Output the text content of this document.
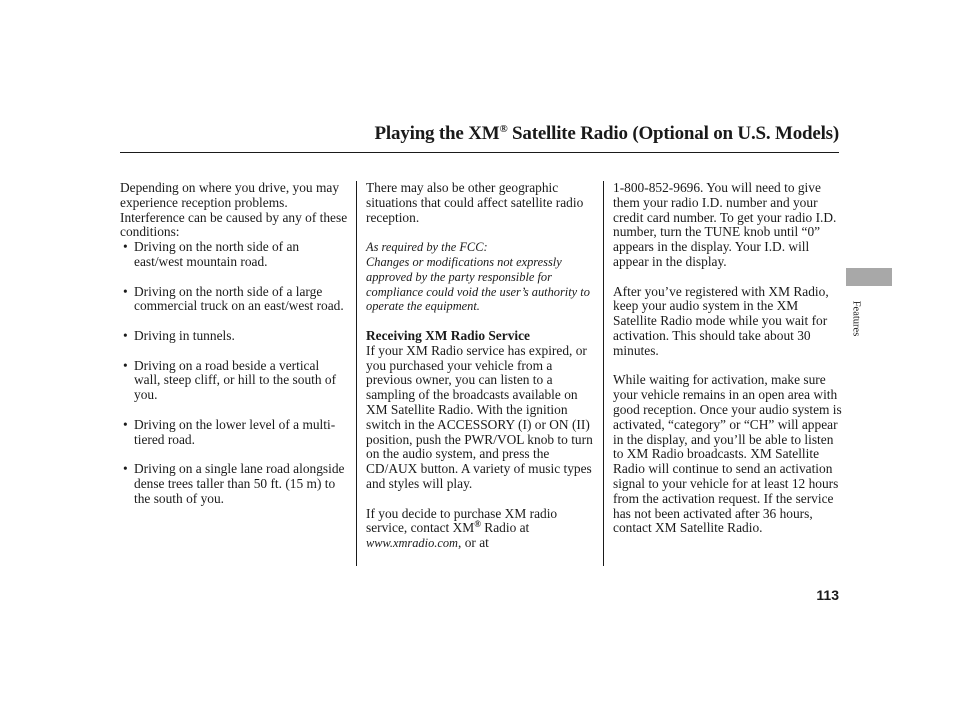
Playing the XM® Satellite Radio (Optional on U.S. Models)

Depending on where you drive, you may experience reception problems. Interference can be caused by any of these conditions:

• Driving on the north side of an east/west mountain road.
• Driving on the north side of a large commercial truck on an east/west road.
• Driving in tunnels.
• Driving on a road beside a vertical wall, steep cliff, or hill to the south of you.
• Driving on the lower level of a multi-tiered road.
• Driving on a single lane road alongside dense trees taller than 50 ft. (15 m) to the south of you.

There may also be other geographic situations that could affect satellite radio reception.

As required by the FCC:

Changes or modifications not expressly approved by the party responsible for compliance could void the user’s authority to operate the equipment.

Receiving XM Radio Service

If your XM Radio service has expired, or you purchased your vehicle from a previous owner, you can listen to a sampling of the broadcasts available on XM Satellite Radio. With the ignition switch in the ACCESSORY (I) or ON (II) position, push the PWR/VOL knob to turn on the audio system, and press the CD/AUX button. A variety of music types and styles will play.

If you decide to purchase XM radio service, contact XM® Radio at
www.xmradio.com, or at

1-800-852-9696. You will need to give them your radio I.D. number and your credit card number. To get your radio I.D. number, turn the TUNE knob until “0” appears in the display. Your I.D. will appear in the display.

After you’ve registered with XM Radio, keep your audio system in the XM Satellite Radio mode while you wait for activation. This should take about 30 minutes.

While waiting for activation, make sure your vehicle remains in an open area with good reception. Once your audio system is activated, “category” or “CH” will appear in the display, and you’ll be able to listen to XM Radio broadcasts. XM Satellite Radio will continue to send an activation signal to your vehicle for at least 12 hours from the activation request. If the service has not been activated after 36 hours, contact XM Satellite Radio.

Features
113
